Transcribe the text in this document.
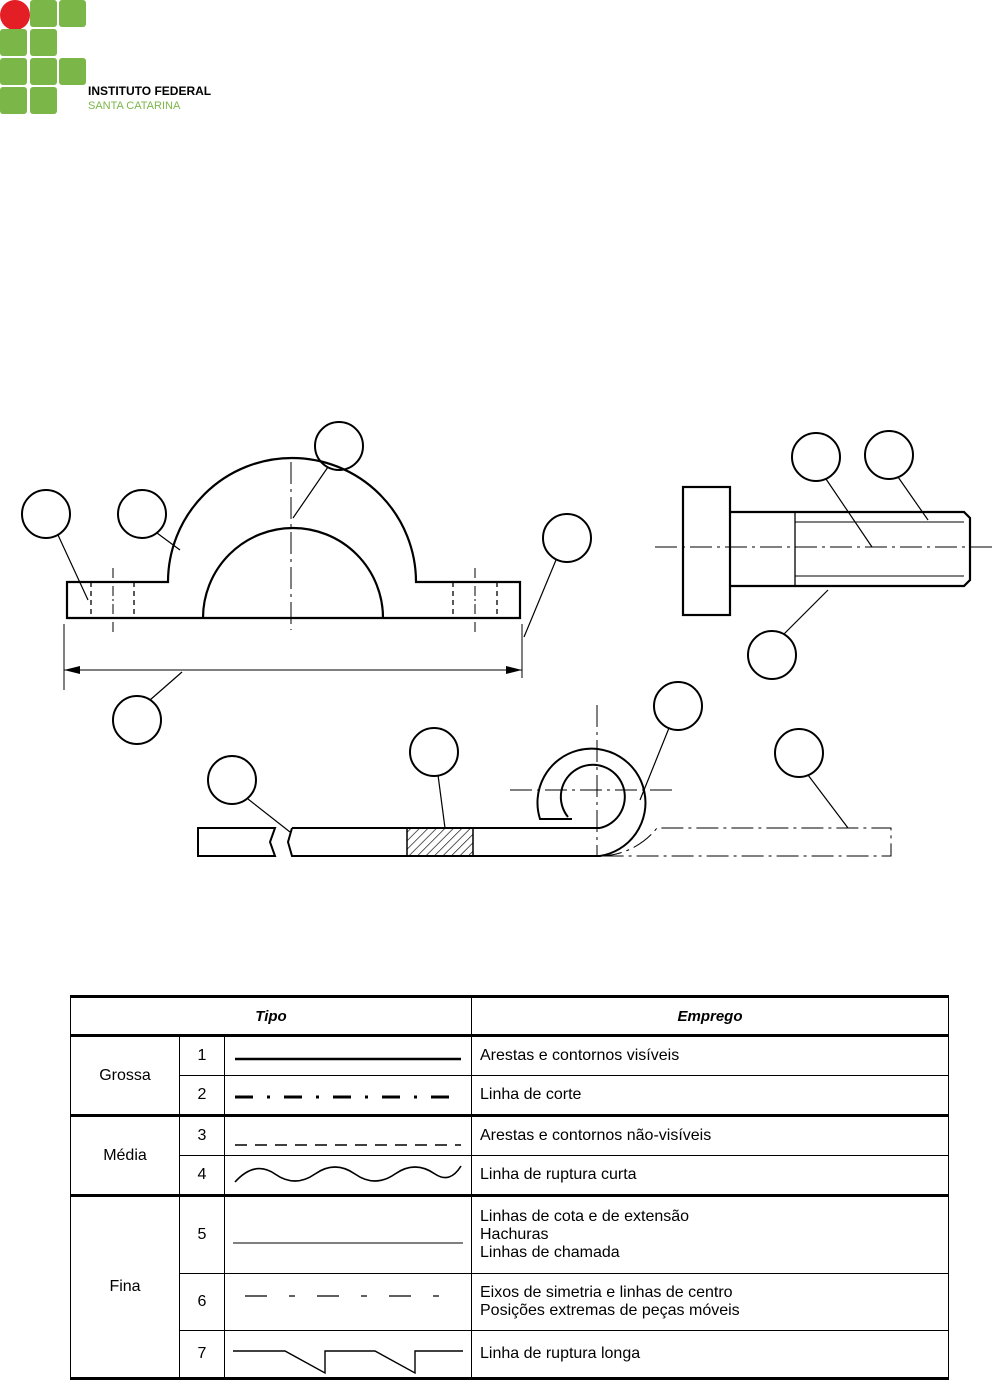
INSTITUTO FEDERAL
SANTA CATARINA
Tipo			Emprego
Grossa	1		Arestas e contornos visíveis

	2		Linha de corte

Média	3		Arestas e contornos não-visíveis

	4		Linha de ruptura curta

Fina	5		Linhas de cota e de extensão
Hachuras
Linhas de chamada

	6		Eixos de simetria e linhas de centro
Posições extremas de peças móveis

	7		Linha de ruptura longa
